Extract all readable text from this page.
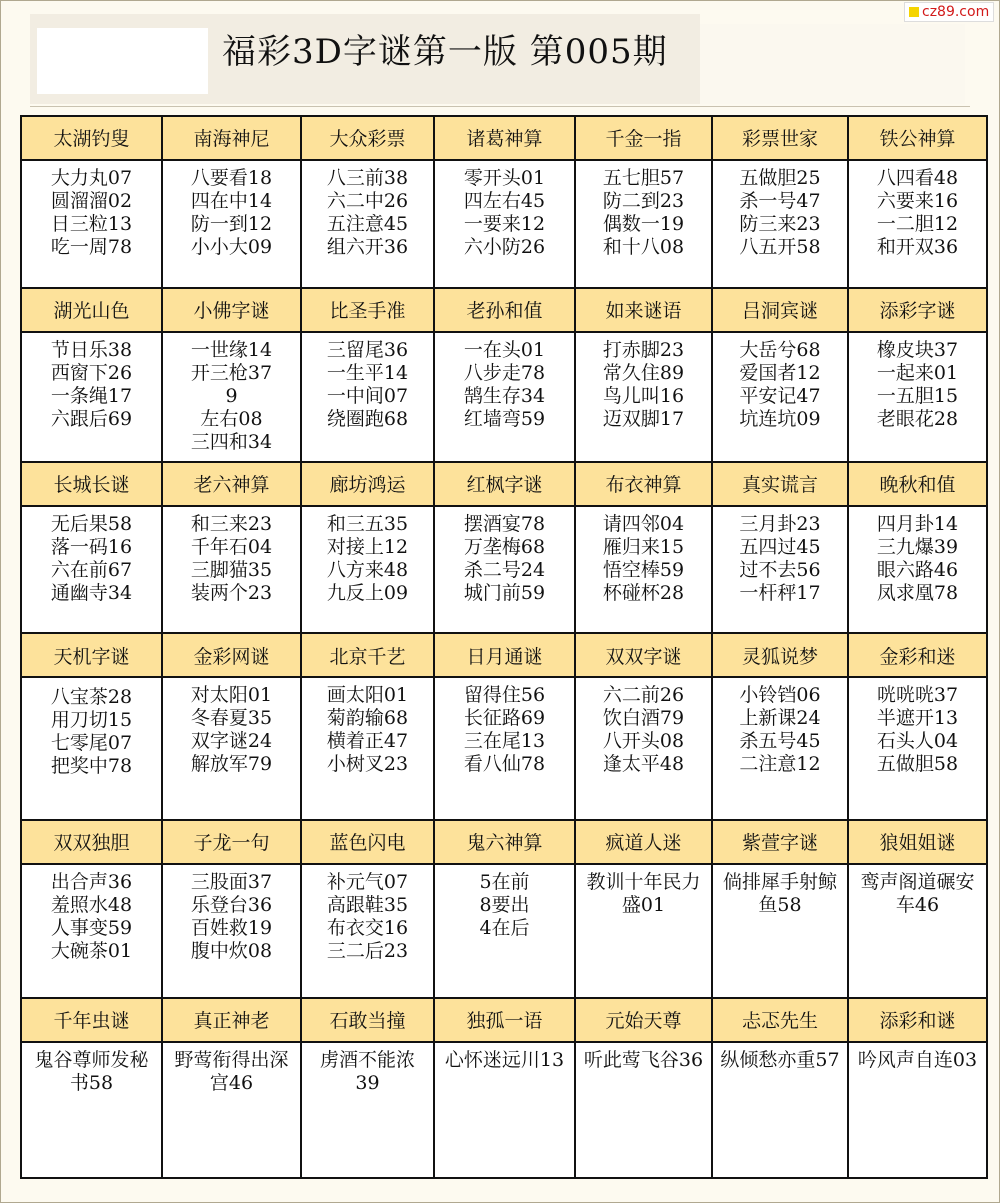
福彩3D字谜第一版 第005期
cz89.com
太湖钓叟	南海神尼	大众彩票	诸葛神算	千金一指	彩票世家	铁公神算

大力丸07
圆溜溜02
日三粒13
吃一周78	八要看18
四在中14
防一到12
小小大09	八三前38
六二中26
五注意45
组六开36	零开头01
四左右45
一要来12
六小防26	五七胆57
防二到23
偶数一19
和十八08	五做胆25
杀一号47
防三来23
八五开58	八四看48
六要来16
一二胆12
和开双36

湖光山色	小佛字谜	比圣手准	老孙和值	如来谜语	吕洞宾谜	添彩字谜

节日乐38
西窗下26
一条绳17
六跟后69	一世缘14
开三枪37
9
左右08
三四和34	三留尾36
一生平14
一中间07
绕圈跑68	一在头01
八步走78
鹄生存34
红墙弯59	打赤脚23
常久住89
鸟儿叫16
迈双脚17	大岳兮68
爱国者12
平安记47
坑连坑09	橡皮块37
一起来01
一五胆15
老眼花28

长城长谜	老六神算	廊坊鸿运	红枫字谜	布衣神算	真实谎言	晚秋和值

无后果58
落一码16
六在前67
通幽寺34	和三来23
千年石04
三脚猫35
装两个23	和三五35
对接上12
八方来48
九反上09	摆酒宴78
万垄梅68
杀二号24
城门前59	请四邻04
雁归来15
悟空棒59
杯碰杯28	三月卦23
五四过45
过不去56
一杆秤17	四月卦14
三九爆39
眼六路46
凤求凰78

天机字谜	金彩网谜	北京千艺	日月通谜	双双字谜	灵狐说梦	金彩和迷

八宝茶28
用刀切15
七零尾07
把奖中78	对太阳01
冬春夏35
双字谜24
解放军79	画太阳01
菊韵输68
横着正47
小树叉23	留得住56
长征路69
三在尾13
看八仙78	六二前26
饮白酒79
八开头08
逢太平48	小铃铛06
上新课24
杀五号45
二注意12	咣咣咣37
半遮开13
石头人04
五做胆58

双双独胆	子龙一句	蓝色闪电	鬼六神算	疯道人迷	紫萱字谜	狼姐姐谜

出合声36
羞照水48
人事变59
大碗茶01	三股面37
乐登台36
百姓救19
腹中炊08	补元气07
高跟鞋35
布衣交16
三二后23	5在前
8要出
4在后	教训十年民力盛01	倘排犀手射鲸鱼58	鸾声阁道碾安车46

千年虫谜	真正神老	石敢当撞	独孤一语	元始天尊	忐忑先生	添彩和谜

鬼谷尊师发秘书58	野莺衔得出深宫46	虏酒不能浓39	心怀迷远川13	听此莺飞谷36	纵倾愁亦重57	吟风声自连03
